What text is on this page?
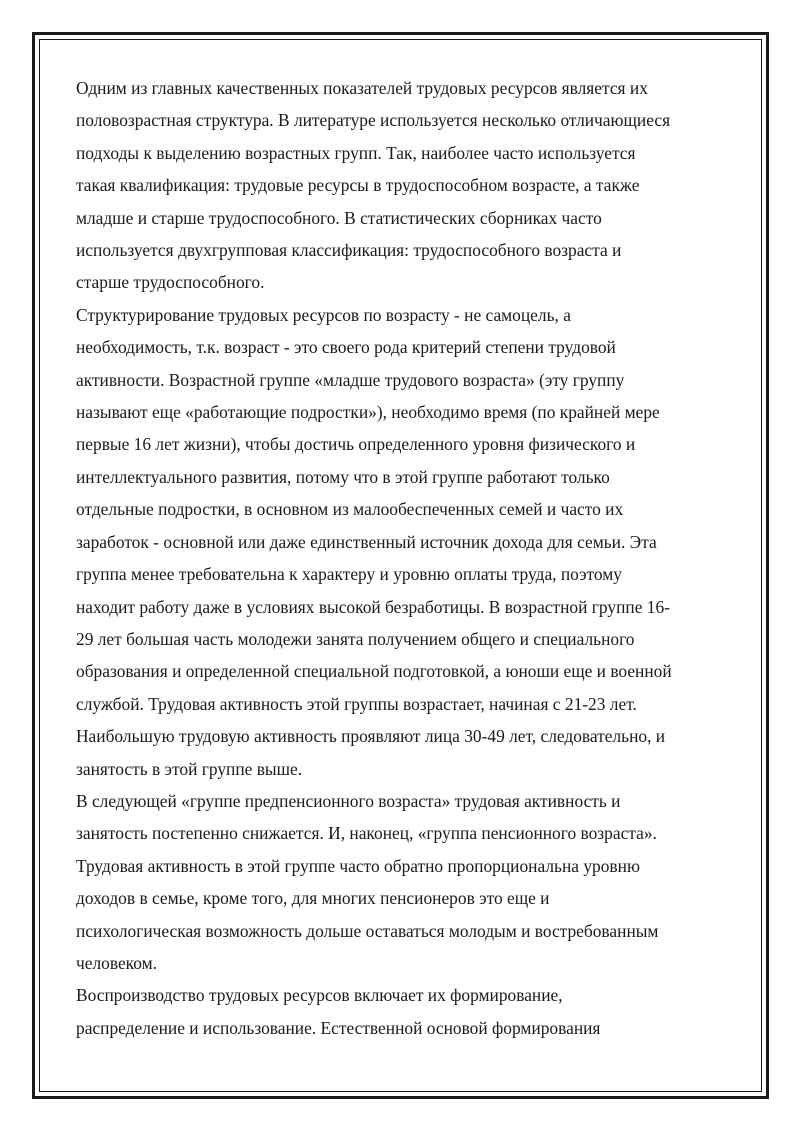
Одним из главных качественных показателей трудовых ресурсов является их
половозрастная структура. В литературе используется несколько отличающиеся
подходы к выделению возрастных групп. Так, наиболее часто используется
такая квалификация: трудовые ресурсы в трудоспособном возрасте, а также
младше и старше трудоспособного. В статистических сборниках часто
используется двухгрупповая классификация: трудоспособного возраста и
старше трудоспособного.

Структурирование трудовых ресурсов по возрасту - не самоцель, а
необходимость, т.к. возраст - это своего рода критерий степени трудовой
активности. Возрастной группе «младше трудового возраста» (эту группу
называют еще «работающие подростки»), необходимо время (по крайней мере
первые 16 лет жизни), чтобы достичь определенного уровня физического и
интеллектуального развития, потому что в этой группе работают только
отдельные подростки, в основном из малообеспеченных семей и часто их
заработок - основной или даже единственный источник дохода для семьи. Эта
группа менее требовательна к характеру и уровню оплаты труда, поэтому
находит работу даже в условиях высокой безработицы. В возрастной группе 16-
29 лет большая часть молодежи занята получением общего и специального
образования и определенной специальной подготовкой, а юноши еще и военной
службой. Трудовая активность этой группы возрастает, начиная с 21-23 лет.
Наибольшую трудовую активность проявляют лица 30-49 лет, следовательно, и
занятость в этой группе выше.

В следующей «группе предпенсионного возраста» трудовая активность и
занятость постепенно снижается. И, наконец, «группа пенсионного возраста».
Трудовая активность в этой группе часто обратно пропорциональна уровню
доходов в семье, кроме того, для многих пенсионеров это еще и
психологическая возможность дольше оставаться молодым и востребованным
человеком.

Воспроизводство трудовых ресурсов включает их формирование,
распределение и использование. Естественной основой формирования
